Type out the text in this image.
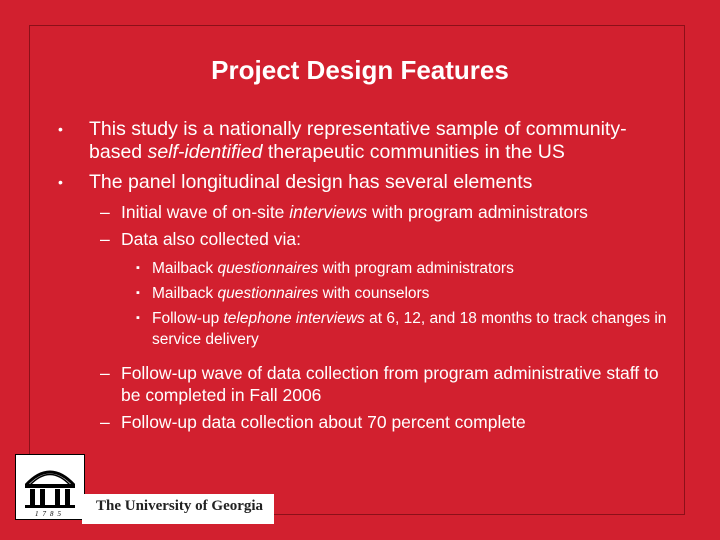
Project Design Features
• This study is a nationally representative sample of community-based self-identified therapeutic communities in the US
• The panel longitudinal design has several elements
– Initial wave of on-site interviews with program administrators
– Data also collected via:
▪ Mailback questionnaires with program administrators
▪ Mailback questionnaires with counselors
▪ Follow-up telephone interviews at 6, 12, and 18 months to track changes in service delivery
– Follow-up wave of data collection from program administrative staff to be completed in Fall 2006
– Follow-up data collection about 70 percent complete
1785 The University of Georgia
